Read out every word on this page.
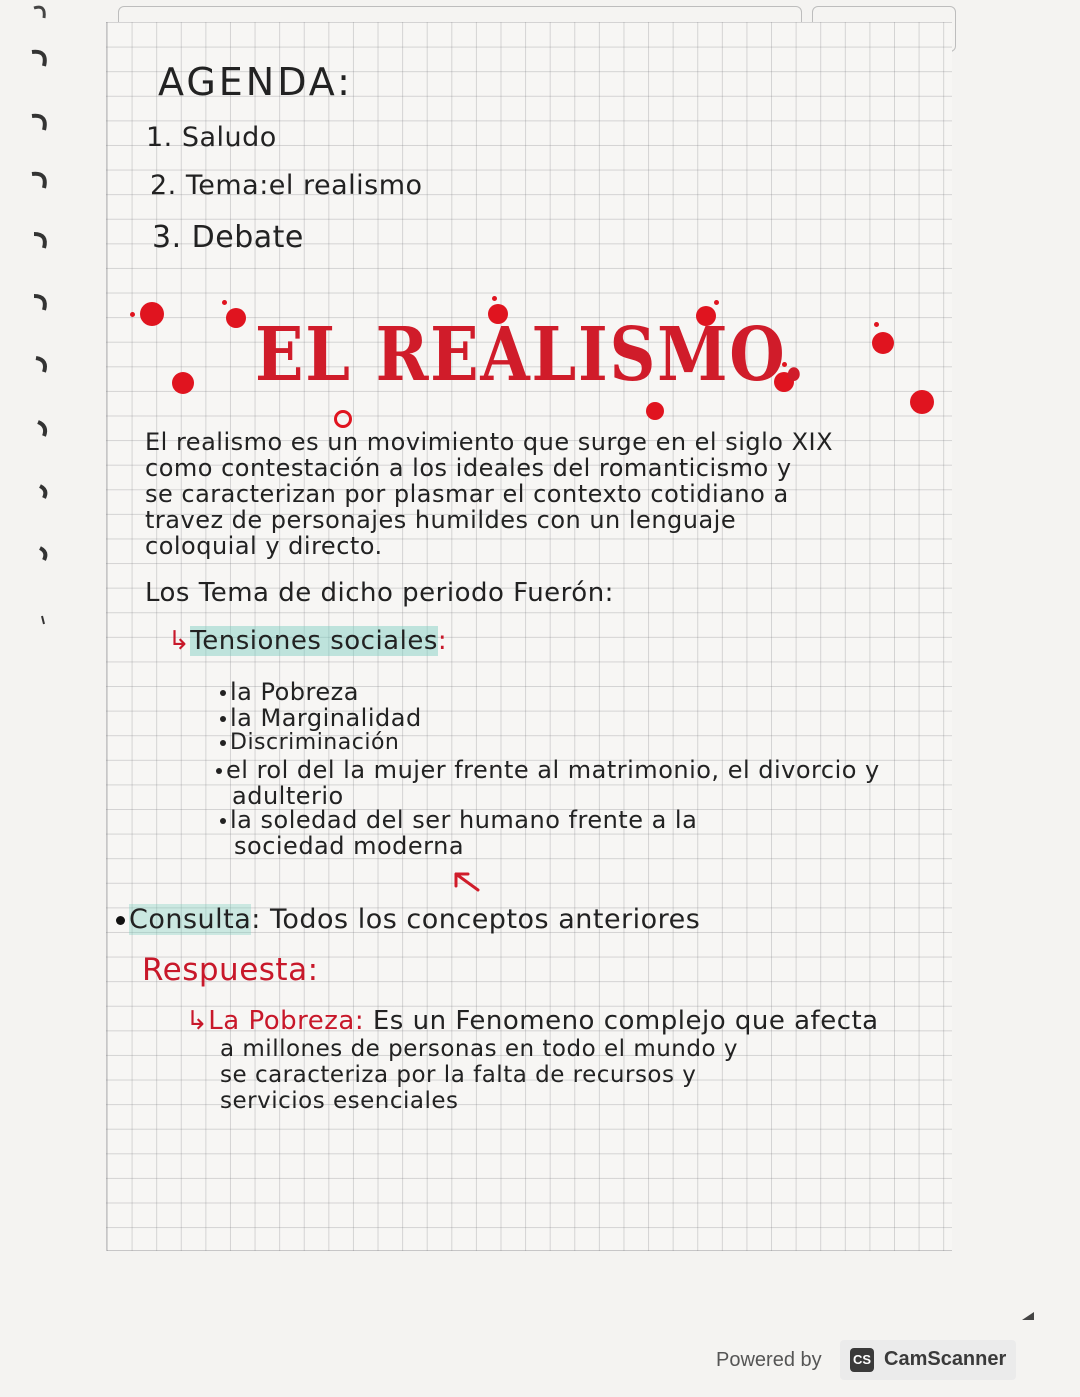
AGENDA:
1. Saludo
2. Tema:el realismo
3. Debate
EL REALISMO.
El realismo es un movimiento que surge en el siglo XIX
como contestación a los ideales del romanticismo y
se caracterizan por plasmar el contexto cotidiano a
travez de personajes humildes con un lenguaje
coloquial y directo.
Los Tema de dicho periodo Fuerón:
↳Tensiones sociales:
la Pobreza
la Marginalidad
Discriminación
el rol del la mujer frente al matrimonio, el divorcio y
adulterio
la soledad del ser humano frente a la
sociedad moderna
Consulta: Todos los conceptos anteriores
Respuesta:
↳La Pobreza: Es un Fenomeno complejo que afecta
a millones de personas en todo el mundo y
se caracteriza por la falta de recursos y
servicios esenciales
Powered by CS CamScanner
